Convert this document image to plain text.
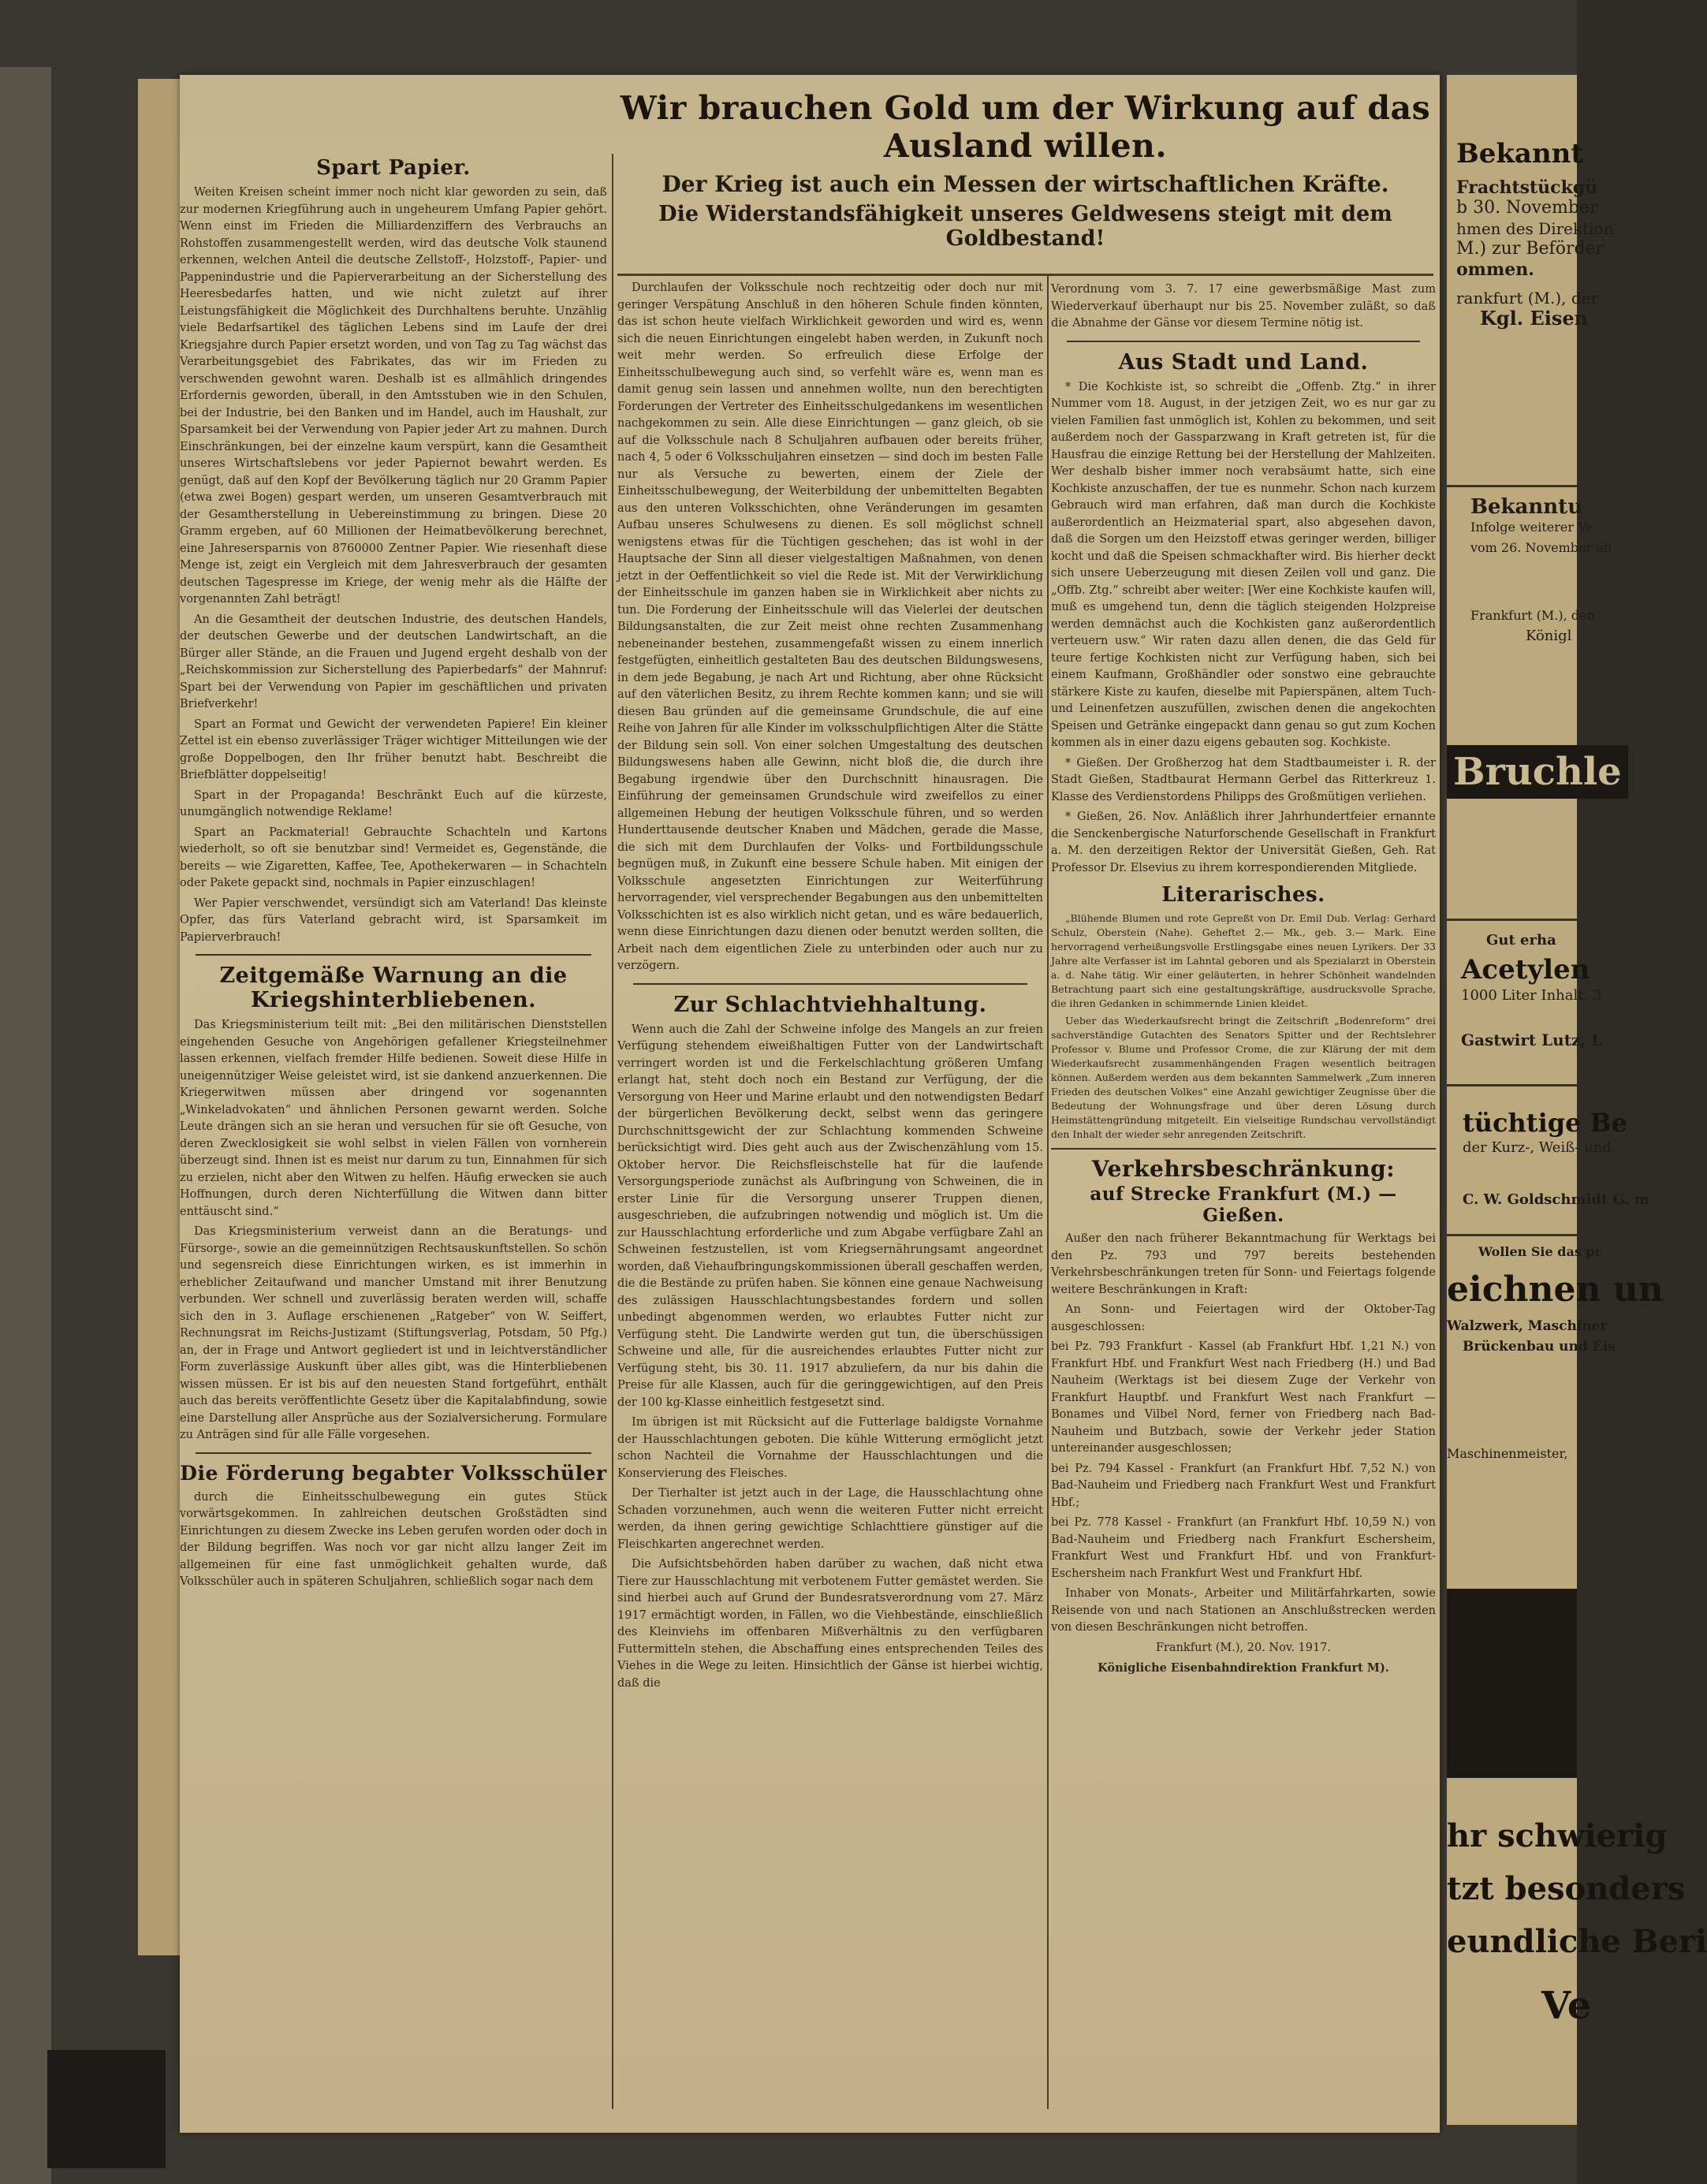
Wir brauchen Gold um der Wirkung auf das Ausland willen.
Der Krieg ist auch ein Messen der wirtschaftlichen Kräfte.
Die Widerstandsfähigkeit unseres Geldwesens steigt mit dem Goldbestand!
Spart Papier.

Weiten Kreisen scheint immer noch nicht klar geworden zu sein, daß zur modernen Kriegführung auch in ungeheurem Umfang Papier gehört. Wenn einst im Frieden die Milliardenziffern des Verbrauchs an Rohstoffen zusammengestellt werden, wird das deutsche Volk staunend erkennen, welchen Anteil die deutsche Zellstoff-, Holzstoff-, Papier- und Pappenindustrie und die Papierverarbeitung an der Sicherstellung des Heeresbedarfes hatten, und wie nicht zuletzt auf ihrer Leistungsfähigkeit die Möglichkeit des Durchhaltens beruhte. Unzählig viele Bedarfsartikel des täglichen Lebens sind im Laufe der drei Kriegsjahre durch Papier ersetzt worden, und von Tag zu Tag wächst das Verarbeitungsgebiet des Fabrikates, das wir im Frieden zu verschwenden gewohnt waren. Deshalb ist es allmählich dringendes Erfordernis geworden, überall, in den Amtsstuben wie in den Schulen, bei der Industrie, bei den Banken und im Handel, auch im Haushalt, zur Sparsamkeit bei der Verwendung von Papier jeder Art zu mahnen. Durch Einschränkungen, bei der einzelne kaum verspürt, kann die Gesamtheit unseres Wirtschaftslebens vor jeder Papiernot bewahrt werden. Es genügt, daß auf den Kopf der Bevölkerung täglich nur 20 Gramm Papier (etwa zwei Bogen) gespart werden, um unseren Gesamtverbrauch mit der Gesamtherstellung in Uebereinstimmung zu bringen. Diese 20 Gramm ergeben, auf 60 Millionen der Heimatbevölkerung berechnet, eine Jahresersparnis von 8760000 Zentner Papier. Wie riesenhaft diese Menge ist, zeigt ein Vergleich mit dem Jahresverbrauch der gesamten deutschen Tagespresse im Kriege, der wenig mehr als die Hälfte der vorgenannten Zahl beträgt!

An die Gesamtheit der deutschen Industrie, des deutschen Handels, der deutschen Gewerbe und der deutschen Landwirtschaft, an die Bürger aller Stände, an die Frauen und Jugend ergeht deshalb von der „Reichskommission zur Sicherstellung des Papierbedarfs“ der Mahnruf: Spart bei der Verwendung von Papier im geschäftlichen und privaten Briefverkehr!

Spart an Format und Gewicht der verwendeten Papiere! Ein kleiner Zettel ist ein ebenso zuverlässiger Träger wichtiger Mitteilungen wie der große Doppelbogen, den Ihr früher benutzt habt. Beschreibt die Briefblätter doppelseitig!

Spart in der Propaganda! Beschränkt Euch auf die kürzeste, unumgänglich notwendige Reklame!

Spart an Packmaterial! Gebrauchte Schachteln und Kartons wiederholt, so oft sie benutzbar sind! Vermeidet es, Gegenstände, die bereits — wie Zigaretten, Kaffee, Tee, Apothekerwaren — in Schachteln oder Pakete gepackt sind, nochmals in Papier einzuschlagen!

Wer Papier verschwendet, versündigt sich am Vaterland! Das kleinste Opfer, das fürs Vaterland gebracht wird, ist Sparsamkeit im Papierverbrauch!

Zeitgemäße Warnung an die Kriegshinterbliebenen.

Das Kriegsministerium teilt mit: „Bei den militärischen Dienststellen eingehenden Gesuche von Angehörigen gefallener Kriegsteilnehmer lassen erkennen, vielfach fremder Hilfe bedienen. Soweit diese Hilfe in uneigennütziger Weise geleistet wird, ist sie dankend anzuerkennen. Die Kriegerwitwen müssen aber dringend vor sogenannten „Winkeladvokaten“ und ähnlichen Personen gewarnt werden. Solche Leute drängen sich an sie heran und versuchen für sie oft Gesuche, von deren Zwecklosigkeit sie wohl selbst in vielen Fällen von vornherein überzeugt sind. Ihnen ist es meist nur darum zu tun, Einnahmen für sich zu erzielen, nicht aber den Witwen zu helfen. Häufig erwecken sie auch Hoffnungen, durch deren Nichterfüllung die Witwen dann bitter enttäuscht sind.“

Das Kriegsministerium verweist dann an die Beratungs- und Fürsorge-, sowie an die gemeinnützigen Rechtsauskunftstellen. So schön und segensreich diese Einrichtungen wirken, es ist immerhin in erheblicher Zeitaufwand und mancher Umstand mit ihrer Benutzung verbunden. Wer schnell und zuverlässig beraten werden will, schaffe sich den in 3. Auflage erschienenen „Ratgeber“ von W. Seiffert, Rechnungsrat im Reichs-Justizamt (Stiftungsverlag, Potsdam, 50 Pfg.) an, der in Frage und Antwort gegliedert ist und in leichtverständlicher Form zuverlässige Auskunft über alles gibt, was die Hinterbliebenen wissen müssen. Er ist bis auf den neuesten Stand fortgeführt, enthält auch das bereits veröffentlichte Gesetz über die Kapitalabfindung, sowie eine Darstellung aller Ansprüche aus der Sozialversicherung. Formulare zu Anträgen sind für alle Fälle vorgesehen.

Die Förderung begabter Volksschüler

durch die Einheitsschulbewegung ein gutes Stück vorwärtsgekommen. In zahlreichen deutschen Großstädten sind Einrichtungen zu diesem Zwecke ins Leben gerufen worden oder doch in der Bildung begriffen. Was noch vor gar nicht allzu langer Zeit im allgemeinen für eine fast unmöglichkeit gehalten wurde, daß Volksschüler auch in späteren Schuljahren, schließlich sogar nach dem

Durchlaufen der Volksschule noch rechtzeitig oder doch nur mit geringer Verspätung Anschluß in den höheren Schule finden könnten, das ist schon heute vielfach Wirklichkeit geworden und wird es, wenn sich die neuen Einrichtungen eingelebt haben werden, in Zukunft noch weit mehr werden. So erfreulich diese Erfolge der Einheitsschulbewegung auch sind, so verfehlt wäre es, wenn man es damit genug sein lassen und annehmen wollte, nun den berechtigten Forderungen der Vertreter des Einheitsschulgedankens im wesentlichen nachgekommen zu sein. Alle diese Einrichtungen — ganz gleich, ob sie auf die Volksschule nach 8 Schuljahren aufbauen oder bereits früher, nach 4, 5 oder 6 Volksschuljahren einsetzen — sind doch im besten Falle nur als Versuche zu bewerten, einem der Ziele der Einheitsschulbewegung, der Weiterbildung der unbemittelten Begabten aus den unteren Volksschichten, ohne Veränderungen im gesamten Aufbau unseres Schulwesens zu dienen. Es soll möglichst schnell wenigstens etwas für die Tüchtigen geschehen; das ist wohl in der Hauptsache der Sinn all dieser vielgestaltigen Maßnahmen, von denen jetzt in der Oeffentlichkeit so viel die Rede ist. Mit der Verwirklichung der Einheitsschule im ganzen haben sie in Wirklichkeit aber nichts zu tun. Die Forderung der Einheitsschule will das Vielerlei der deutschen Bildungsanstalten, die zur Zeit meist ohne rechten Zusammenhang nebeneinander bestehen, zusammengefaßt wissen zu einem innerlich festgefügten, einheitlich gestalteten Bau des deutschen Bildungswesens, in dem jede Begabung, je nach Art und Richtung, aber ohne Rücksicht auf den väterlichen Besitz, zu ihrem Rechte kommen kann; und sie will diesen Bau gründen auf die gemeinsame Grundschule, die auf eine Reihe von Jahren für alle Kinder im volksschulpflichtigen Alter die Stätte der Bildung sein soll. Von einer solchen Umgestaltung des deutschen Bildungswesens haben alle Gewinn, nicht bloß die, die durch ihre Begabung irgendwie über den Durchschnitt hinausragen. Die Einführung der gemeinsamen Grundschule wird zweifellos zu einer allgemeinen Hebung der heutigen Volksschule führen, und so werden Hunderttausende deutscher Knaben und Mädchen, gerade die Masse, die sich mit dem Durchlaufen der Volks- und Fortbildungsschule begnügen muß, in Zukunft eine bessere Schule haben. Mit einigen der Volksschule angesetzten Einrichtungen zur Weiterführung hervorragender, viel versprechender Begabungen aus den unbemittelten Volksschichten ist es also wirklich nicht getan, und es wäre bedauerlich, wenn diese Einrichtungen dazu dienen oder benutzt werden sollten, die Arbeit nach dem eigentlichen Ziele zu unterbinden oder auch nur zu verzögern.

Zur Schlachtviehhaltung.

Wenn auch die Zahl der Schweine infolge des Mangels an zur freien Verfügung stehendem eiweißhaltigen Futter von der Landwirtschaft verringert worden ist und die Ferkelschlachtung größeren Umfang erlangt hat, steht doch noch ein Bestand zur Verfügung, der die Versorgung von Heer und Marine erlaubt und den notwendigsten Bedarf der bürgerlichen Bevölkerung deckt, selbst wenn das geringere Durchschnittsgewicht der zur Schlachtung kommenden Schweine berücksichtigt wird. Dies geht auch aus der Zwischenzählung vom 15. Oktober hervor. Die Reichsfleischstelle hat für die laufende Versorgungsperiode zunächst als Aufbringung von Schweinen, die in erster Linie für die Versorgung unserer Truppen dienen, ausgeschrieben, die aufzubringen notwendig und möglich ist. Um die zur Hausschlachtung erforderliche und zum Abgabe verfügbare Zahl an Schweinen festzustellen, ist vom Kriegsernährungsamt angeordnet worden, daß Viehaufbringungskommissionen überall geschaffen werden, die die Bestände zu prüfen haben. Sie können eine genaue Nachweisung des zulässigen Hausschlachtungsbestandes fordern und sollen unbedingt abgenommen werden, wo erlaubtes Futter nicht zur Verfügung steht. Die Landwirte werden gut tun, die überschüssigen Schweine und alle, für die ausreichendes erlaubtes Futter nicht zur Verfügung steht, bis 30. 11. 1917 abzuliefern, da nur bis dahin die Preise für alle Klassen, auch für die geringgewichtigen, auf den Preis der 100 kg-Klasse einheitlich festgesetzt sind.

Im übrigen ist mit Rücksicht auf die Futterlage baldigste Vornahme der Hausschlachtungen geboten. Die kühle Witterung ermöglicht jetzt schon Nachteil die Vornahme der Hausschlachtungen und die Konservierung des Fleisches.

Der Tierhalter ist jetzt auch in der Lage, die Hausschlachtung ohne Schaden vorzunehmen, auch wenn die weiteren Futter nicht erreicht werden, da ihnen gering gewichtige Schlachttiere günstiger auf die Fleischkarten angerechnet werden.

Die Aufsichtsbehörden haben darüber zu wachen, daß nicht etwa Tiere zur Hausschlachtung mit verbotenem Futter gemästet werden. Sie sind hierbei auch auf Grund der Bundesratsverordnung vom 27. März 1917 ermächtigt worden, in Fällen, wo die Viehbestände, einschließlich des Kleinviehs im offenbaren Mißverhältnis zu den verfügbaren Futtermitteln stehen, die Abschaffung eines entsprechenden Teiles des Viehes in die Wege zu leiten. Hinsichtlich der Gänse ist hierbei wichtig, daß die

Verordnung vom 3. 7. 17 eine gewerbsmäßige Mast zum Wiederverkauf überhaupt nur bis 25. November zuläßt, so daß die Abnahme der Gänse vor diesem Termine nötig ist.

Aus Stadt und Land.

* Die Kochkiste ist, so schreibt die „Offenb. Ztg.“ in ihrer Nummer vom 18. August, in der jetzigen Zeit, wo es nur gar zu vielen Familien fast unmöglich ist, Kohlen zu bekommen, und seit außerdem noch der Gassparzwang in Kraft getreten ist, für die Hausfrau die einzige Rettung bei der Herstellung der Mahlzeiten. Wer deshalb bisher immer noch verabsäumt hatte, sich eine Kochkiste anzuschaffen, der tue es nunmehr. Schon nach kurzem Gebrauch wird man erfahren, daß man durch die Kochkiste außerordentlich an Heizmaterial spart, also abgesehen davon, daß die Sorgen um den Heizstoff etwas geringer werden, billiger kocht und daß die Speisen schmackhafter wird. Bis hierher deckt sich unsere Ueberzeugung mit diesen Zeilen voll und ganz. Die „Offb. Ztg.“ schreibt aber weiter: [Wer eine Kochkiste kaufen will, muß es umgehend tun, denn die täglich steigenden Holzpreise werden demnächst auch die Kochkisten ganz außerordentlich verteuern usw.“ Wir raten dazu allen denen, die das Geld für teure fertige Kochkisten nicht zur Verfügung haben, sich bei einem Kaufmann, Großhändler oder sonstwo eine gebrauchte stärkere Kiste zu kaufen, dieselbe mit Papierspänen, altem Tuch- und Leinenfetzen auszufüllen, zwischen denen die angekochten Speisen und Getränke eingepackt dann genau so gut zum Kochen kommen als in einer dazu eigens gebauten sog. Kochkiste.

* Gießen. Der Großherzog hat dem Stadtbaumeister i. R. der Stadt Gießen, Stadtbaurat Hermann Gerbel das Ritterkreuz 1. Klasse des Verdienstordens Philipps des Großmütigen verliehen.

* Gießen, 26. Nov. Anläßlich ihrer Jahrhundertfeier ernannte die Senckenbergische Naturforschende Gesellschaft in Frankfurt a. M. den derzeitigen Rektor der Universität Gießen, Geh. Rat Professor Dr. Elsevius zu ihrem korrespondierenden Mitgliede.

Literarisches.

„Blühende Blumen und rote Gepreßt von Dr. Emil Dub. Verlag: Gerhard Schulz, Oberstein (Nahe). Geheftet 2.— Mk., geb. 3.— Mark. Eine hervorragend verheißungsvolle Erstlingsgabe eines neuen Lyrikers. Der 33 Jahre alte Verfasser ist im Lahntal geboren und als Spezialarzt in Oberstein a. d. Nahe tätig. Wir einer geläuterten, in hehrer Schönheit wandelnden Betrachtung paart sich eine gestaltungskräftige, ausdrucksvolle Sprache, die ihren Gedanken in schimmernde Linien kleidet.

Ueber das Wiederkaufsrecht bringt die Zeitschrift „Bodenreform“ drei sachverständige Gutachten des Senators Spitter und der Rechtslehrer Professor v. Blume und Professor Crome, die zur Klärung der mit dem Wiederkaufsrecht zusammenhängenden Fragen wesentlich beitragen können. Außerdem werden aus dem bekannten Sammelwerk „Zum inneren Frieden des deutschen Volkes“ eine Anzahl gewichtiger Zeugnisse über die Bedeutung der Wohnungsfrage und über deren Lösung durch Heimstättengründung mitgeteilt. Ein vielseitige Rundschau vervollständigt den Inhalt der wieder sehr anregenden Zeitschrift.

Verkehrsbeschränkung:
auf Strecke Frankfurt (M.) — Gießen.

Außer den nach früherer Bekanntmachung für Werktags bei den Pz. 793 und 797 bereits bestehenden Verkehrsbeschränkungen treten für Sonn- und Feiertags folgende weitere Beschränkungen in Kraft:

An Sonn- und Feiertagen wird der Oktober-Tag ausgeschlossen:

bei Pz. 793 Frankfurt - Kassel (ab Frankfurt Hbf. 1,21 N.) von Frankfurt Hbf. und Frankfurt West nach Friedberg (H.) und Bad Nauheim (Werktags ist bei diesem Zuge der Verkehr von Frankfurt Hauptbf. und Frankfurt West nach Frankfurt — Bonames und Vilbel Nord, ferner von Friedberg nach Bad-Nauheim und Butzbach, sowie der Verkehr jeder Station untereinander ausgeschlossen;

bei Pz. 794 Kassel - Frankfurt (an Frankfurt Hbf. 7,52 N.) von Bad-Nauheim und Friedberg nach Frankfurt West und Frankfurt Hbf.;

bei Pz. 778 Kassel - Frankfurt (an Frankfurt Hbf. 10,59 N.) von Bad-Nauheim und Friedberg nach Frankfurt Eschersheim, Frankfurt West und Frankfurt Hbf. und von Frankfurt-Eschersheim nach Frankfurt West und Frankfurt Hbf.

Inhaber von Monats-, Arbeiter und Militärfahrkarten, sowie Reisende von und nach Stationen an Anschlußstrecken werden von diesen Beschränkungen nicht betroffen.

Frankfurt (M.), 20. Nov. 1917.

Königliche Eisenbahndirektion Frankfurt M).

Bekannt
Frachtstückgü
b 30. November
hmen des Direktion
M.) zur Beförder
ommen.
rankfurt (M.), der
Kgl. Eisen
Bekanntu
Infolge weiterer Ve
vom 26. November ab
Frankfurt (M.), den
Königl
Bruchle
Gut erha
Acetylen
1000 Liter Inhalt, 3
Gastwirt Lutz, L
tüchtige Be
der Kurz-, Weiß- und
C. W. Goldschmidt G. m
Wollen Sie das pr
eichnen un
Walzwerk, Maschiner
Brückenbau und Eis
Maschinenmeister,
hr schwierig
tzt besonders
eundliche Beri
Ve
